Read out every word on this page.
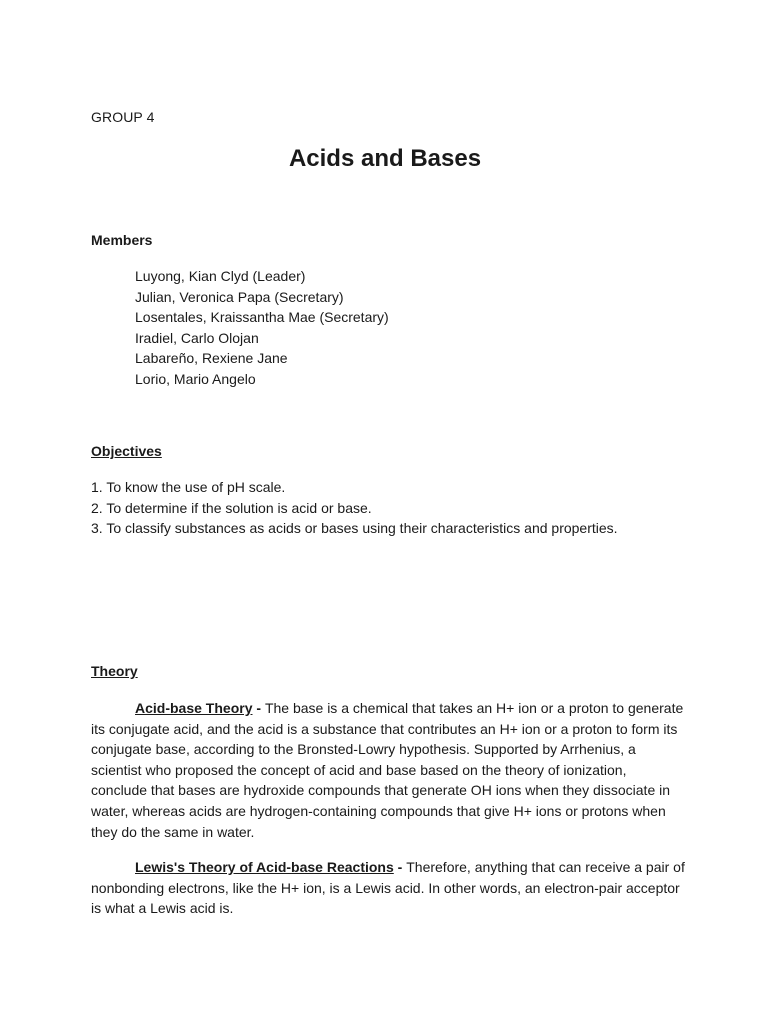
GROUP 4
Acids and Bases
Members
Luyong, Kian Clyd (Leader)
Julian, Veronica Papa (Secretary)
Losentales, Kraissantha Mae (Secretary)
Iradiel, Carlo Olojan
Labareño, Rexiene Jane
Lorio, Mario Angelo
Objectives
1. To know the use of pH scale.
2. To determine if the solution is acid or base.
3. To classify substances as acids or bases using their characteristics and properties.
Theory

Acid-base Theory - The base is a chemical that takes an H+ ion or a proton to generate its conjugate acid, and the acid is a substance that contributes an H+ ion or a proton to form its conjugate base, according to the Bronsted-Lowry hypothesis. Supported by Arrhenius, a scientist who proposed the concept of acid and base based on the theory of ionization, conclude that bases are hydroxide compounds that generate OH ions when they dissociate in water, whereas acids are hydrogen-containing compounds that give H+ ions or protons when they do the same in water.

Lewis's Theory of Acid-base Reactions - Therefore, anything that can receive a pair of nonbonding electrons, like the H+ ion, is a Lewis acid. In other words, an electron-pair acceptor is what a Lewis acid is.
